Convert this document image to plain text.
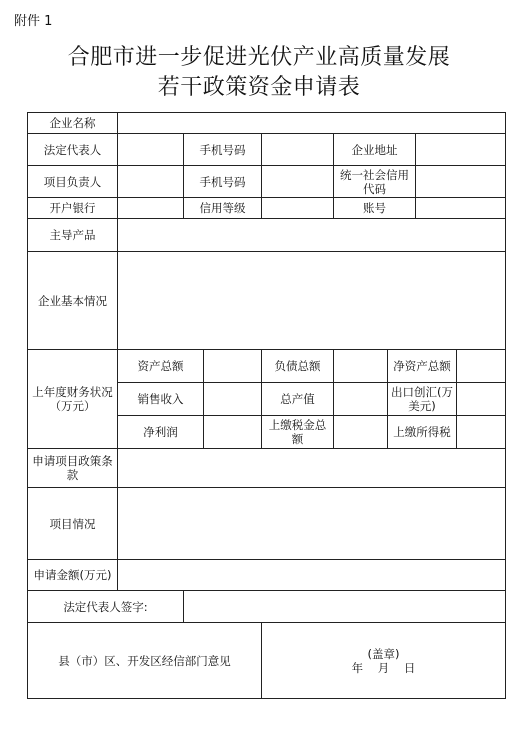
附件 1
合肥市进一步促进光伏产业高质量发展
若干政策资金申请表
企业名称								
法定代表人		手机号码			企业地址			
项目负责人		手机号码			统一社会信用代码			
开户银行		信用等级			账号			
主导产品								
企业基本情况								
上年度财务状况（万元）	资产总额			负债总额		净资产总额		
	销售收入			总产值		出口创汇(万美元)		
	净利润			上缴税金总额		上缴所得税		
申请项目政策条款								
项目情况								
申请金额(万元)								
法定代表人签字:								
县（市）区、开发区经信部门意见				(盖章)
年    月    日				
